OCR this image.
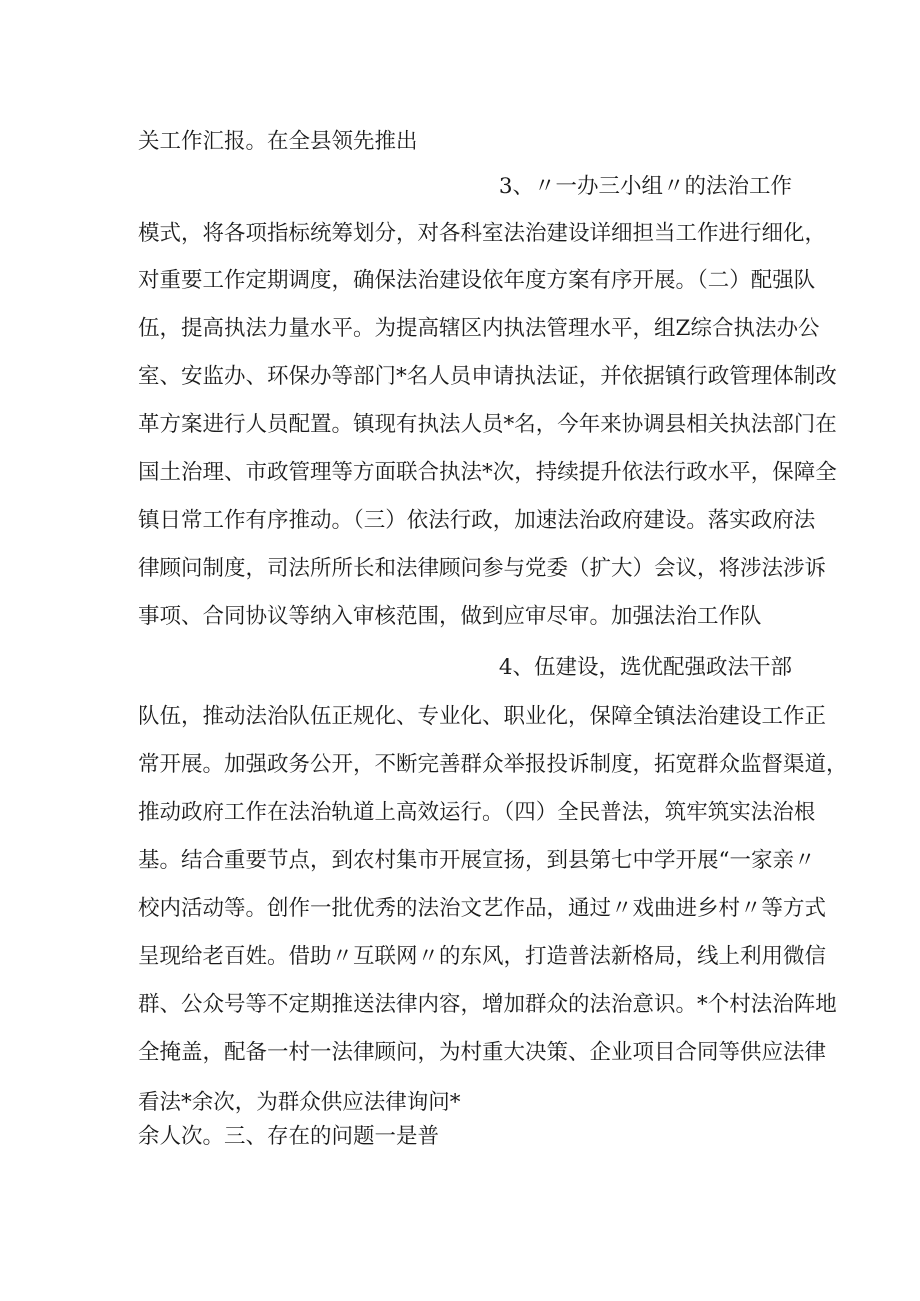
关工作汇报。在全县领先推出
3、〃一办三小组〃的法治工作
模式，将各项指标统筹划分，对各科室法治建设详细担当工作进行细化，
对重要工作定期调度，确保法治建设依年度方案有序开展。（二）配强队
伍，提高执法力量水平。为提高辖区内执法管理水平，组Z综合执法办公
室、安监办、环保办等部门*名人员申请执法证，并依据镇行政管理体制改
革方案进行人员配置。镇现有执法人员*名，今年来协调县相关执法部门在
国土治理、市政管理等方面联合执法*次，持续提升依法行政水平，保障全
镇日常工作有序推动。（三）依法行政，加速法治政府建设。落实政府法
律顾问制度，司法所所长和法律顾问参与党委（扩大）会议，将涉法涉诉
事项、合同协议等纳入审核范围，做到应审尽审。加强法治工作队
4、伍建设，选优配强政法干部
队伍，推动法治队伍正规化、专业化、职业化，保障全镇法治建设工作正
常开展。加强政务公开，不断完善群众举报投诉制度，拓宽群众监督渠道，
推动政府工作在法治轨道上高效运行。（四）全民普法，筑牢筑实法治根
基。结合重要节点，到农村集市开展宣扬，到县第七中学开展“一家亲〃
校内活动等。创作一批优秀的法治文艺作品，通过〃戏曲进乡村〃等方式
呈现给老百姓。借助〃互联网〃的东风，打造普法新格局，线上利用微信
群、公众号等不定期推送法律内容，增加群众的法治意识。*个村法治阵地
全掩盖，配备一村一法律顾问，为村重大决策、企业项目合同等供应法律
看法*余次，为群众供应法律询问*
余人次。三、存在的问题一是普
